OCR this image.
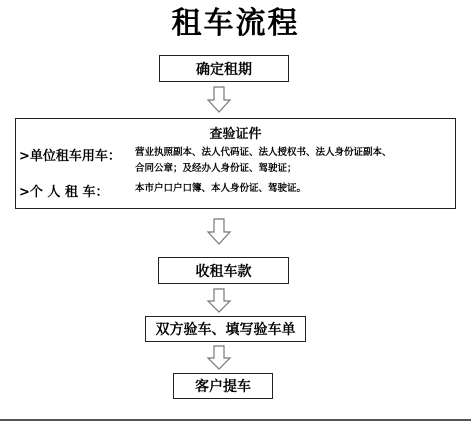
租车流程
确定租期
查验证件
>单位租车用车： 营业执照副本、法人代码证、法人授权书、法人身份证副本、
合同公章；及经办人身份证、驾驶证；
>个 人 租 车：	本市户口户口簿、本人身份证、驾驶证。
收租车款
双方验车、填写验车单
客户提车
